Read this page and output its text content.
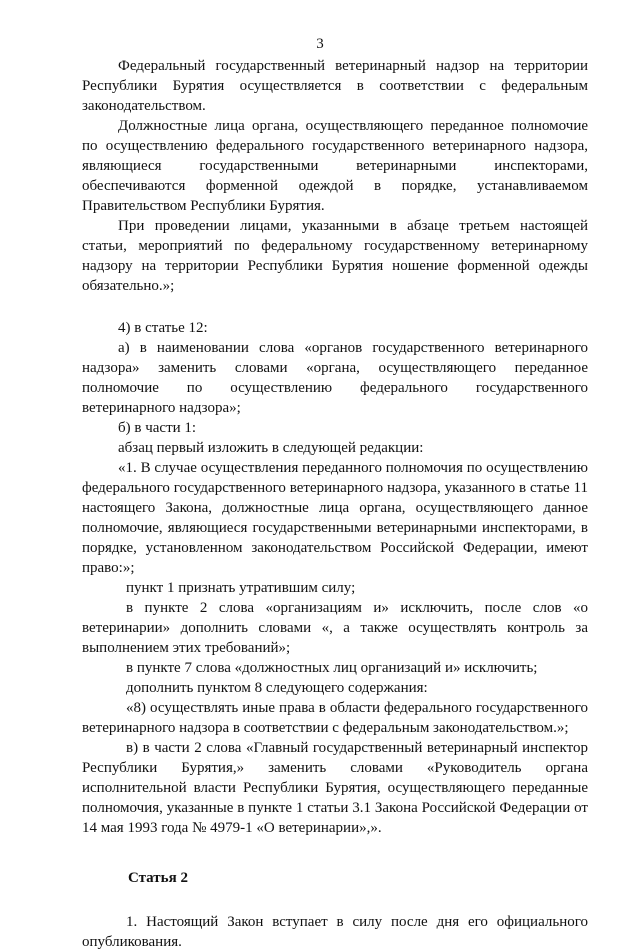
3

Федеральный государственный ветеринарный надзор на территории Республики Бурятия осуществляется в соответствии с федеральным законодательством.

Должностные лица органа, осуществляющего переданное полномочие по осуществлению федерального государственного ветеринарного надзора, являющиеся государственными ветеринарными инспекторами, обеспечиваются форменной одеждой в порядке, устанавливаемом Правительством Республики Бурятия.

При проведении лицами, указанными в абзаце третьем настоящей статьи, мероприятий по федеральному государственному ветеринарному надзору на территории Республики Бурятия ношение форменной одежды обязательно.»;

4) в статье 12:

а) в наименовании слова «органов государственного ветеринарного надзора» заменить словами «органа, осуществляющего переданное полномочие по осуществлению федерального государственного ветеринарного надзора»;

б) в части 1:

абзац первый изложить в следующей редакции:

«1. В случае осуществления переданного полномочия по осуществлению федерального государственного ветеринарного надзора, указанного в статье 11 настоящего Закона, должностные лица органа, осуществляющего данное полномочие, являющиеся государственными ветеринарными инспекторами, в порядке, установленном законодательством Российской Федерации, имеют право:»;

пункт 1 признать утратившим силу;

в пункте 2 слова «организациям и» исключить, после слов «о ветеринарии» дополнить словами «, а также осуществлять контроль за выполнением этих требований»;

в пункте 7 слова «должностных лиц организаций и» исключить;

дополнить пунктом 8 следующего содержания:

«8) осуществлять иные права в области федерального государственного ветеринарного надзора в соответствии с федеральным законодательством.»;

в) в части 2 слова «Главный государственный ветеринарный инспектор Республики Бурятия,» заменить словами «Руководитель органа исполнительной власти Республики Бурятия, осуществляющего переданные полномочия, указанные в пункте 1 статьи 3.1 Закона Российской Федерации от 14 мая 1993 года № 4979-1 «О ветеринарии»,».

Статья 2

1. Настоящий Закон вступает в силу после дня его официального опубликования.
